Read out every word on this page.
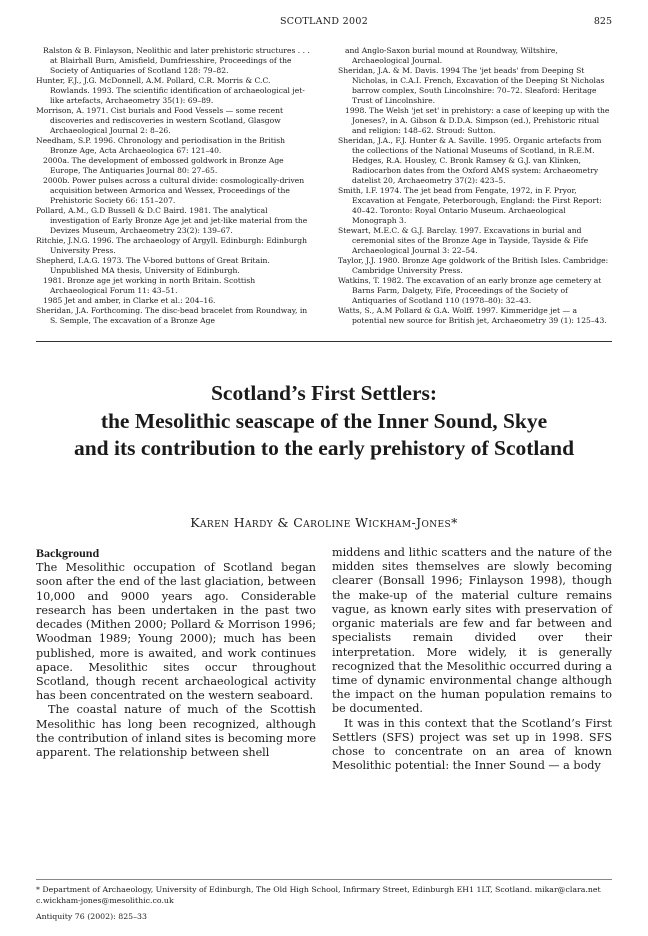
SCOTLAND 2002	825

Ralston & B. Finlayson, Neolithic and later prehistoric structures . . . at Blairhall Burn, Amisfield, Dumfriesshire, Proceedings of the Society of Antiquaries of Scotland 128: 79–82.

Hunter, F.J., J.G. McDonnell, A.M. Pollard, C.R. Morris & C.C. Rowlands. 1993. The scientific identification of archaeological jet-like artefacts, Archaeometry 35(1): 69–89.

Morrison, A. 1971. Cist burials and Food Vessels — some recent discoveries and rediscoveries in western Scotland, Glasgow Archaeological Journal 2: 8–26.

Needham, S.P. 1996. Chronology and periodisation in the British Bronze Age, Acta Archaeologica 67: 121–40.

2000a. The development of embossed goldwork in Bronze Age Europe, The Antiquaries Journal 80: 27–65.

2000b. Power pulses across a cultural divide: cosmologically-driven acquisition between Armorica and Wessex, Proceedings of the Prehistoric Society 66: 151–207.

Pollard, A.M., G.D Bussell & D.C Baird. 1981. The analytical investigation of Early Bronze Age jet and jet-like material from the Devizes Museum, Archaeometry 23(2): 139–67.

Ritchie, J.N.G. 1996. The archaeology of Argyll. Edinburgh: Edinburgh University Press.

Shepherd, I.A.G. 1973. The V-bored buttons of Great Britain. Unpublished MA thesis, University of Edinburgh.

1981. Bronze age jet working in north Britain. Scottish Archaeological Forum 11: 43–51.

1985 Jet and amber, in Clarke et al.: 204–16.

Sheridan, J.A. Forthcoming. The disc-bead bracelet from Roundway, in S. Semple, The excavation of a Bronze Age

and Anglo-Saxon burial mound at Roundway, Wiltshire, Archaeological Journal.

Sheridan, J.A. & M. Davis. 1994 The 'jet beads' from Deeping St Nicholas, in C.A.I. French, Excavation of the Deeping St Nicholas barrow complex, South Lincolnshire: 70–72. Sleaford: Heritage Trust of Lincolnshire.

1998. The Welsh 'jet set' in prehistory: a case of keeping up with the Joneses?, in A. Gibson & D.D.A. Simpson (ed.), Prehistoric ritual and religion: 148–62. Stroud: Sutton.

Sheridan, J.A., F.J. Hunter & A. Saville. 1995. Organic artefacts from the collections of the National Museums of Scotland, in R.E.M. Hedges, R.A. Housley, C. Bronk Ramsey & G.J. van Klinken, Radiocarbon dates from the Oxford AMS system: Archaeometry datelist 20, Archaeometry 37(2): 423–5.

Smith, I.F. 1974. The jet bead from Fengate, 1972, in F. Pryor, Excavation at Fengate, Peterborough, England: the First Report: 40–42. Toronto: Royal Ontario Museum. Archaeological Monograph 3.

Stewart, M.E.C. & G.J. Barclay. 1997. Excavations in burial and ceremonial sites of the Bronze Age in Tayside, Tayside & Fife Archaeological Journal 3: 22–54.

Taylor, J.J. 1980. Bronze Age goldwork of the British Isles. Cambridge: Cambridge University Press.

Watkins, T. 1982. The excavation of an early bronze age cemetery at Barns Farm, Dalgety, Fife, Proceedings of the Society of Antiquaries of Scotland 110 (1978–80): 32–43.

Watts, S., A.M Pollard & G.A. Wolff. 1997. Kimmeridge jet — a potential new source for British jet, Archaeometry 39 (1): 125–43.

Scotland’s First Settlers:

the Mesolithic seascape of the Inner Sound, Skye

and its contribution to the early prehistory of Scotland

Karen Hardy & Caroline Wickham-Jones*
Background

The Mesolithic occupation of Scotland began soon after the end of the last glaciation, between 10,000 and 9000 years ago. Considerable research has been undertaken in the past two decades (Mithen 2000; Pollard & Morrison 1996; Woodman 1989; Young 2000); much has been published, more is awaited, and work continues apace. Mesolithic sites occur throughout Scotland, though recent archaeological activity has been concentrated on the western seaboard.

The coastal nature of much of the Scottish Mesolithic has long been recognized, although the contribution of inland sites is becoming more apparent. The relationship between shell

middens and lithic scatters and the nature of the midden sites themselves are slowly becoming clearer (Bonsall 1996; Finlayson 1998), though the make-up of the material culture remains vague, as known early sites with preservation of organic materials are few and far between and specialists remain divided over their interpretation. More widely, it is generally recognized that the Mesolithic occurred during a time of dynamic environmental change although the impact on the human population remains to be documented.

It was in this context that the Scotland’s First Settlers (SFS) project was set up in 1998. SFS chose to concentrate on an area of known Mesolithic potential: the Inner Sound — a body

* Department of Archaeology, University of Edinburgh, The Old High School, Infirmary Street, Edinburgh EH1 1LT, Scotland. mikar@clara.net c.wickham-jones@mesolithic.co.uk
Antiquity 76 (2002): 825–33
